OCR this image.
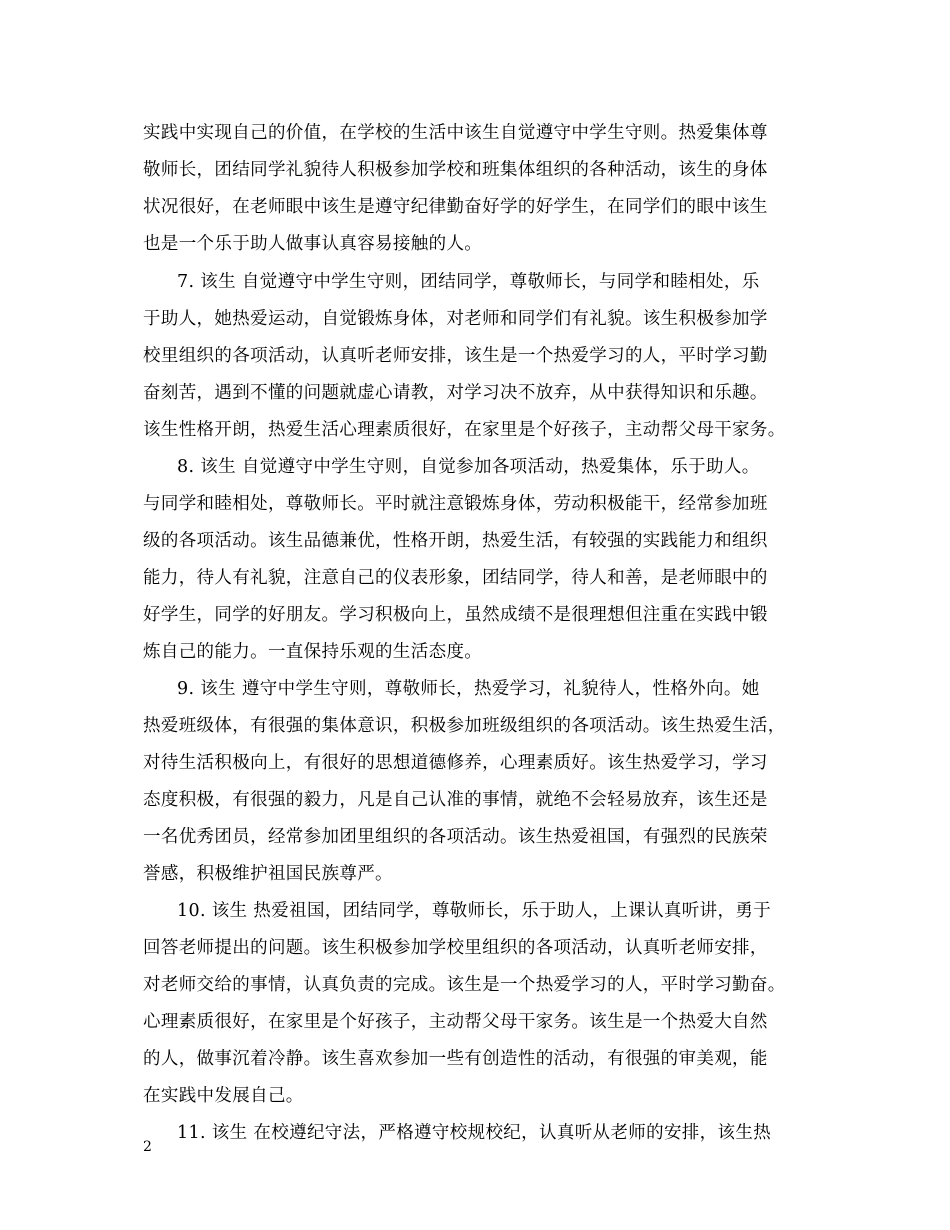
实践中实现自己的价值，在学校的生活中该生自觉遵守中学生守则。热爱集体尊
敬师长，团结同学礼貌待人积极参加学校和班集体组织的各种活动，该生的身体
状况很好，在老师眼中该生是遵守纪律勤奋好学的好学生，在同学们的眼中该生
也是一个乐于助人做事认真容易接触的人。
7. 该生 自觉遵守中学生守则，团结同学，尊敬师长，与同学和睦相处，乐
于助人，她热爱运动，自觉锻炼身体，对老师和同学们有礼貌。该生积极参加学
校里组织的各项活动，认真听老师安排，该生是一个热爱学习的人，平时学习勤
奋刻苦，遇到不懂的问题就虚心请教，对学习决不放弃，从中获得知识和乐趣。
该生性格开朗，热爱生活心理素质很好，在家里是个好孩子，主动帮父母干家务。
8. 该生 自觉遵守中学生守则，自觉参加各项活动，热爱集体，乐于助人。
与同学和睦相处，尊敬师长。平时就注意锻炼身体，劳动积极能干，经常参加班
级的各项活动。该生品德兼优，性格开朗，热爱生活，有较强的实践能力和组织
能力，待人有礼貌，注意自己的仪表形象，团结同学，待人和善，是老师眼中的
好学生，同学的好朋友。学习积极向上，虽然成绩不是很理想但注重在实践中锻
炼自己的能力。一直保持乐观的生活态度。
9. 该生 遵守中学生守则，尊敬师长，热爱学习，礼貌待人，性格外向。她
热爱班级体，有很强的集体意识，积极参加班级组织的各项活动。该生热爱生活，
对待生活积极向上，有很好的思想道德修养，心理素质好。该生热爱学习，学习
态度积极，有很强的毅力，凡是自己认准的事情，就绝不会轻易放弃，该生还是
一名优秀团员，经常参加团里组织的各项活动。该生热爱祖国，有强烈的民族荣
誉感，积极维护祖国民族尊严。
10. 该生 热爱祖国，团结同学，尊敬师长，乐于助人，上课认真听讲，勇于
回答老师提出的问题。该生积极参加学校里组织的各项活动，认真听老师安排，
对老师交给的事情，认真负责的完成。该生是一个热爱学习的人，平时学习勤奋。
心理素质很好，在家里是个好孩子，主动帮父母干家务。该生是一个热爱大自然
的人，做事沉着冷静。该生喜欢参加一些有创造性的活动，有很强的审美观，能
在实践中发展自己。
11. 该生 在校遵纪守法，严格遵守校规校纪，认真听从老师的安排，该生热
2
